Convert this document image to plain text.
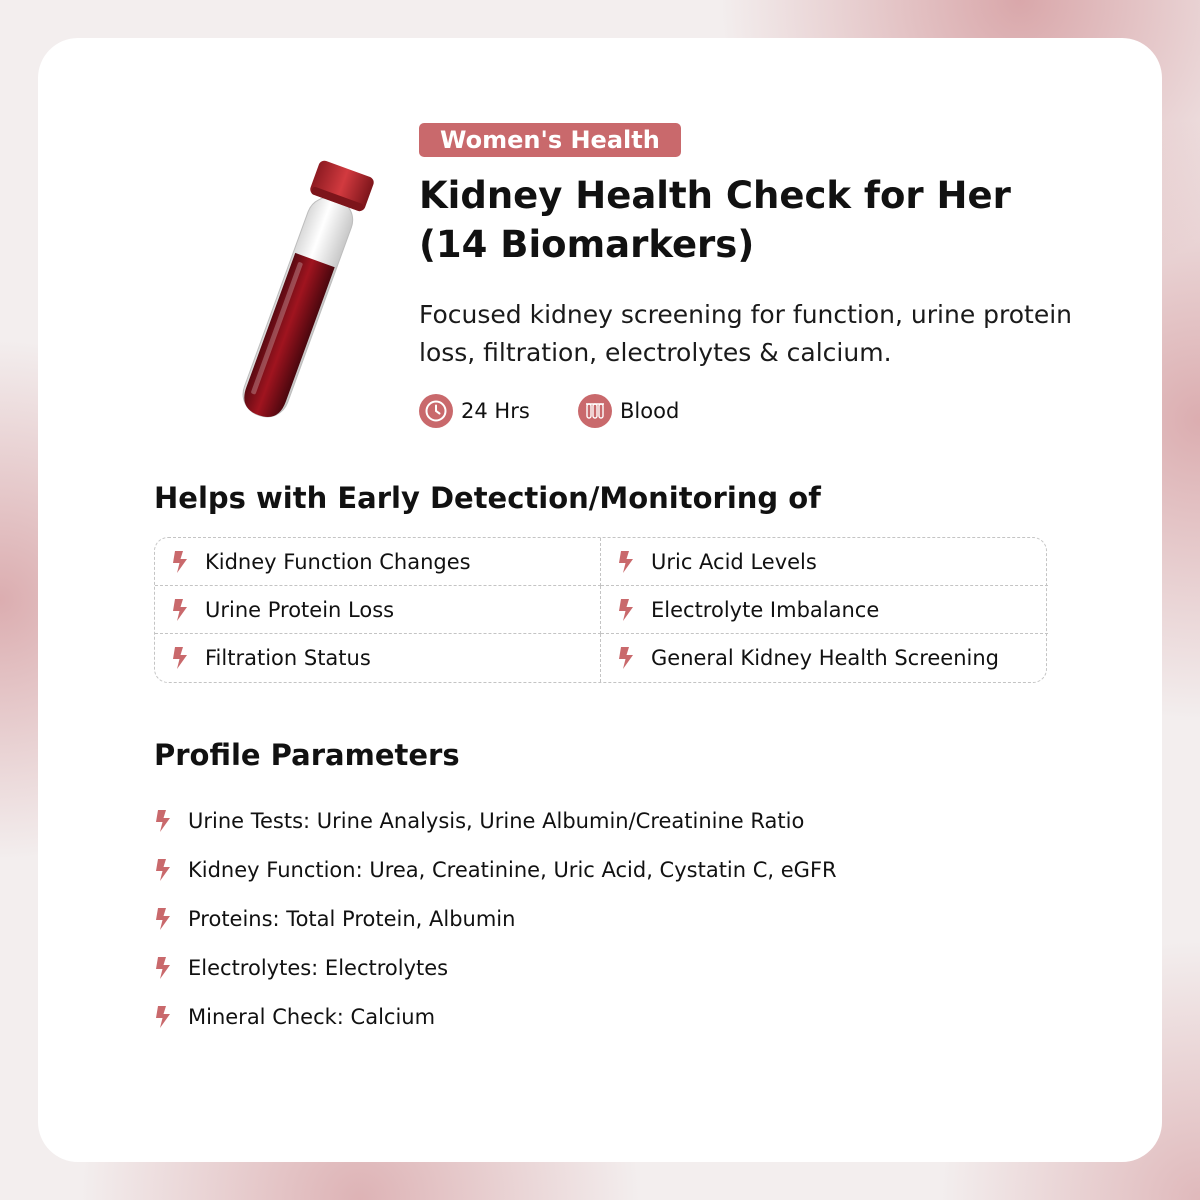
Women's Health
Kidney Health Check for Her
(14 Biomarkers)

Focused kidney screening for function, urine protein
loss, filtration, electrolytes & calcium.

24 Hrs	Blood
Helps with Early Detection/Monitoring of
Kidney Function Changes	Uric Acid Levels
Urine Protein Loss	Electrolyte Imbalance
Filtration Status	General Kidney Health Screening
Profile Parameters
Urine Tests: Urine Analysis, Urine Albumin/Creatinine Ratio
Kidney Function: Urea, Creatinine, Uric Acid, Cystatin C, eGFR
Proteins: Total Protein, Albumin
Electrolytes: Electrolytes
Mineral Check: Calcium
